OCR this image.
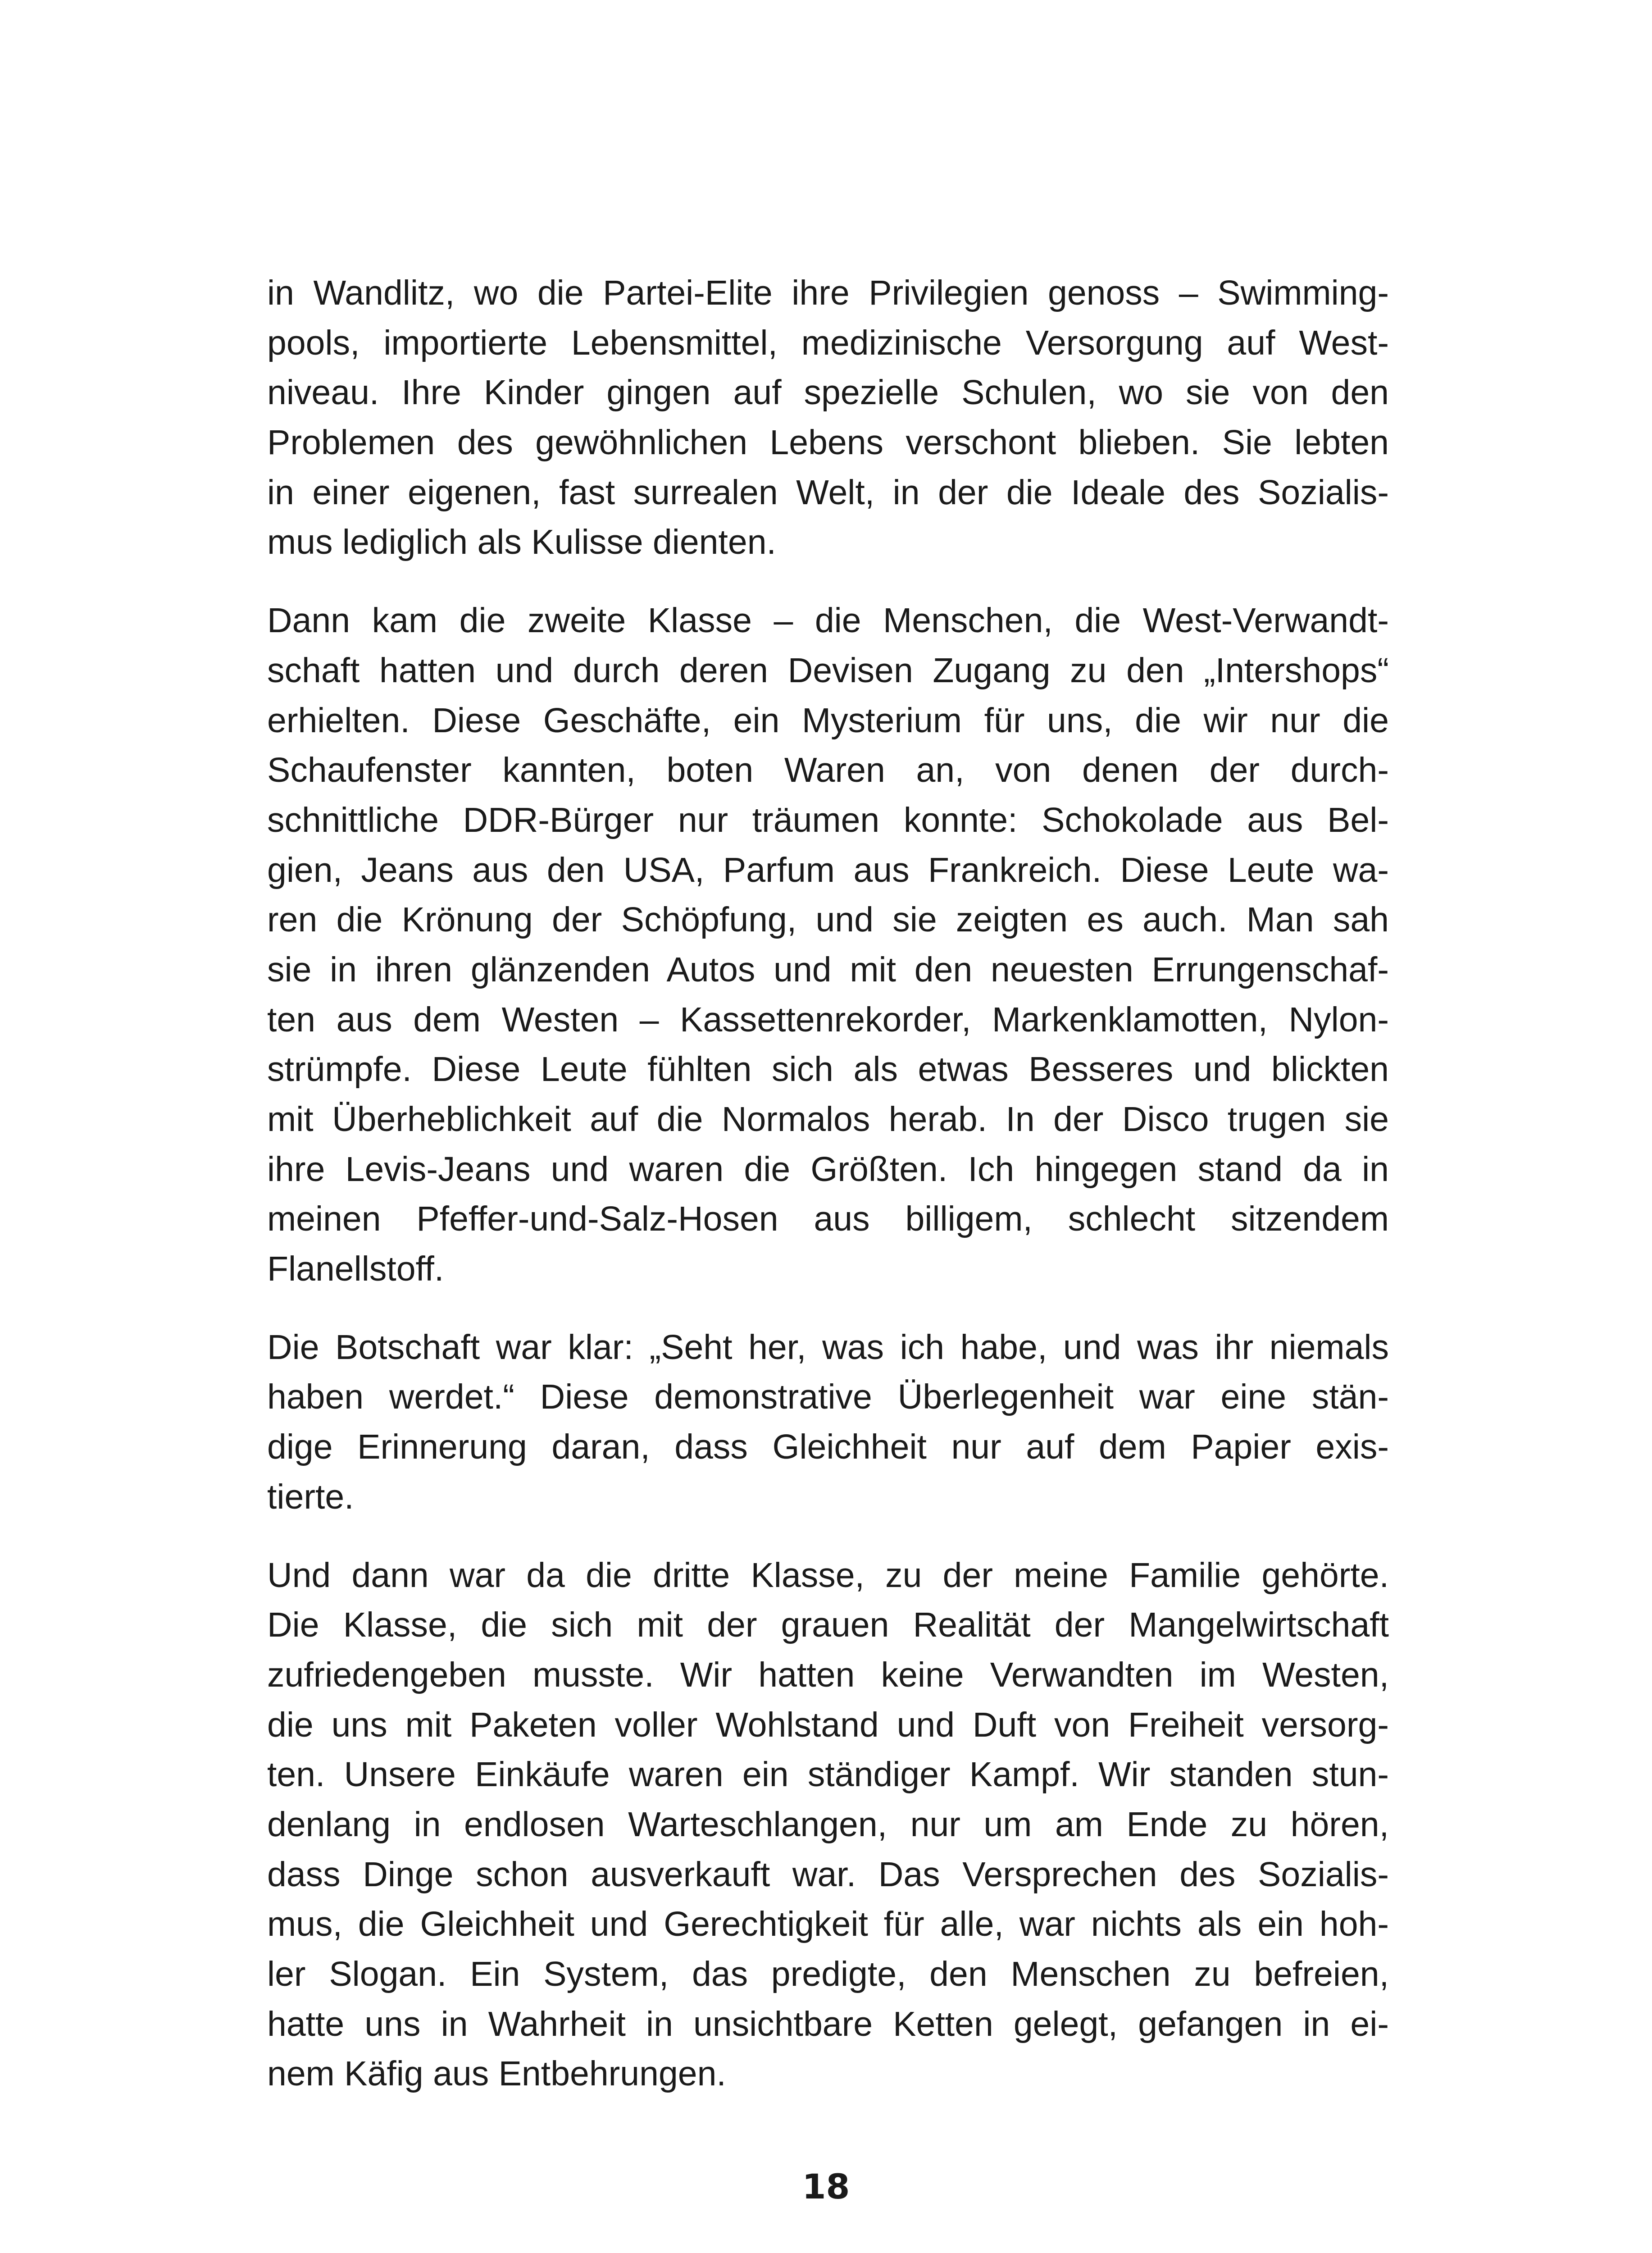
in Wandlitz, wo die Partei-Elite ihre Privilegien genoss – Swimming-
pools, importierte Lebensmittel, medizinische Versorgung auf West-
niveau. Ihre Kinder gingen auf spezielle Schulen, wo sie von den
Problemen des gewöhnlichen Lebens verschont blieben. Sie lebten
in einer eigenen, fast surrealen Welt, in der die Ideale des Sozialis-
mus lediglich als Kulisse dienten.
Dann kam die zweite Klasse – die Menschen, die West-Verwandt-
schaft hatten und durch deren Devisen Zugang zu den „Intershops“
erhielten. Diese Geschäfte, ein Mysterium für uns, die wir nur die
Schaufenster kannten, boten Waren an, von denen der durch-
schnittliche DDR-Bürger nur träumen konnte: Schokolade aus Bel-
gien, Jeans aus den USA, Parfum aus Frankreich. Diese Leute wa-
ren die Krönung der Schöpfung, und sie zeigten es auch. Man sah
sie in ihren glänzenden Autos und mit den neuesten Errungenschaf-
ten aus dem Westen – Kassettenrekorder, Markenklamotten, Nylon-
strümpfe. Diese Leute fühlten sich als etwas Besseres und blickten
mit Überheblichkeit auf die Normalos herab. In der Disco trugen sie
ihre Levis-Jeans und waren die Größten. Ich hingegen stand da in
meinen Pfeffer-und-Salz-Hosen aus billigem, schlecht sitzendem
Flanellstoff.
Die Botschaft war klar: „Seht her, was ich habe, und was ihr niemals
haben werdet.“ Diese demonstrative Überlegenheit war eine stän-
dige Erinnerung daran, dass Gleichheit nur auf dem Papier exis-
tierte.
Und dann war da die dritte Klasse, zu der meine Familie gehörte.
Die Klasse, die sich mit der grauen Realität der Mangelwirtschaft
zufriedengeben musste. Wir hatten keine Verwandten im Westen,
die uns mit Paketen voller Wohlstand und Duft von Freiheit versorg-
ten. Unsere Einkäufe waren ein ständiger Kampf. Wir standen stun-
denlang in endlosen Warteschlangen, nur um am Ende zu hören,
dass Dinge schon ausverkauft war. Das Versprechen des Sozialis-
mus, die Gleichheit und Gerechtigkeit für alle, war nichts als ein hoh-
ler Slogan. Ein System, das predigte, den Menschen zu befreien,
hatte uns in Wahrheit in unsichtbare Ketten gelegt, gefangen in ei-
nem Käfig aus Entbehrungen.
18
